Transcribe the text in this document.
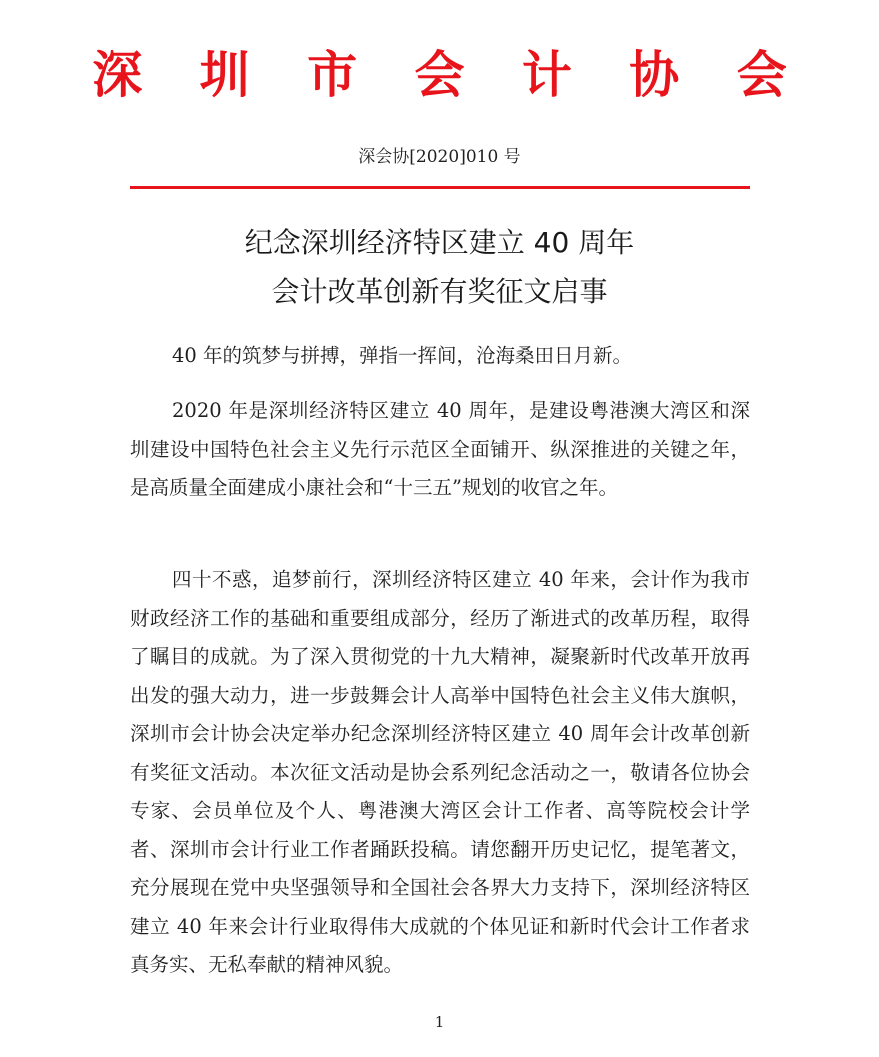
深 圳 市 会 计 协 会
深会协[2020]010 号
纪念深圳经济特区建立 40 周年
会计改革创新有奖征文启事
40 年的筑梦与拼搏，弹指一挥间，沧海桑田日月新。
2020 年是深圳经济特区建立 40 周年，是建设粤港澳大湾区和深圳建设中国特色社会主义先行示范区全面铺开、纵深推进的关键之年，是高质量全面建成小康社会和“十三五”规划的收官之年。
四十不惑，追梦前行，深圳经济特区建立 40 年来，会计作为我市财政经济工作的基础和重要组成部分，经历了渐进式的改革历程，取得了瞩目的成就。为了深入贯彻党的十九大精神，凝聚新时代改革开放再出发的强大动力，进一步鼓舞会计人高举中国特色社会主义伟大旗帜，深圳市会计协会决定举办纪念深圳经济特区建立 40 周年会计改革创新有奖征文活动。本次征文活动是协会系列纪念活动之一，敬请各位协会专家、会员单位及个人、粤港澳大湾区会计工作者、高等院校会计学者、深圳市会计行业工作者踊跃投稿。请您翻开历史记忆，提笔著文，充分展现在党中央坚强领导和全国社会各界大力支持下，深圳经济特区建立 40 年来会计行业取得伟大成就的个体见证和新时代会计工作者求真务实、无私奉献的精神风貌。
1
